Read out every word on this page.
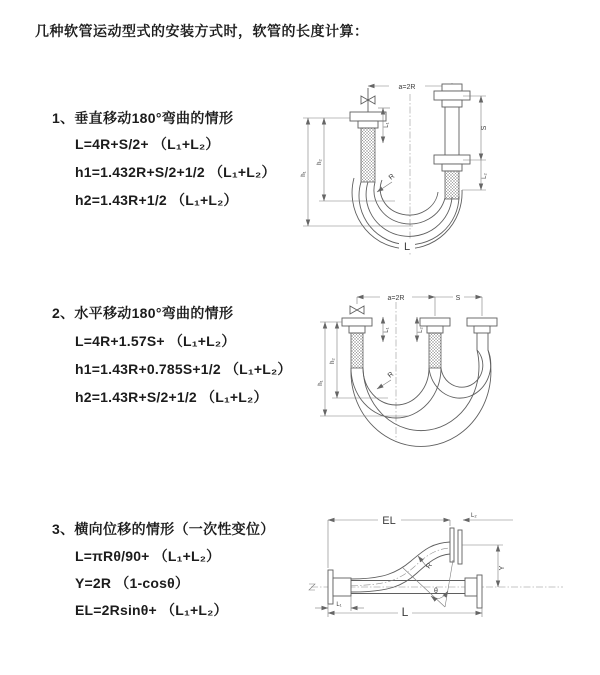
几种软管运动型式的安装方式时，软管的长度计算：
1、垂直移动180°弯曲的情形
L=4R+S/2+ （L₁+L₂）
h1=1.432R+S/2+1/2 （L₁+L₂）
h2=1.43R+1/2 （L₁+L₂）
2、水平移动180°弯曲的情形
L=4R+1.57S+ （L₁+L₂）
h1=1.43R+0.785S+1/2 （L₁+L₂）
h2=1.43R+S/2+1/2 （L₁+L₂）
3、横向位移的情形（一次性变位）
L=πRθ/90+ （L₁+L₂）
Y=2R （1-cosθ）
EL=2Rsinθ+ （L₁+L₂）
a=2R
L₁
S
L₂
h₁
h₂
R
L
a=2R	S
h₁
h₂
L₁	L₂
R
EL	L₂
Y
R
θ
L
L₁
